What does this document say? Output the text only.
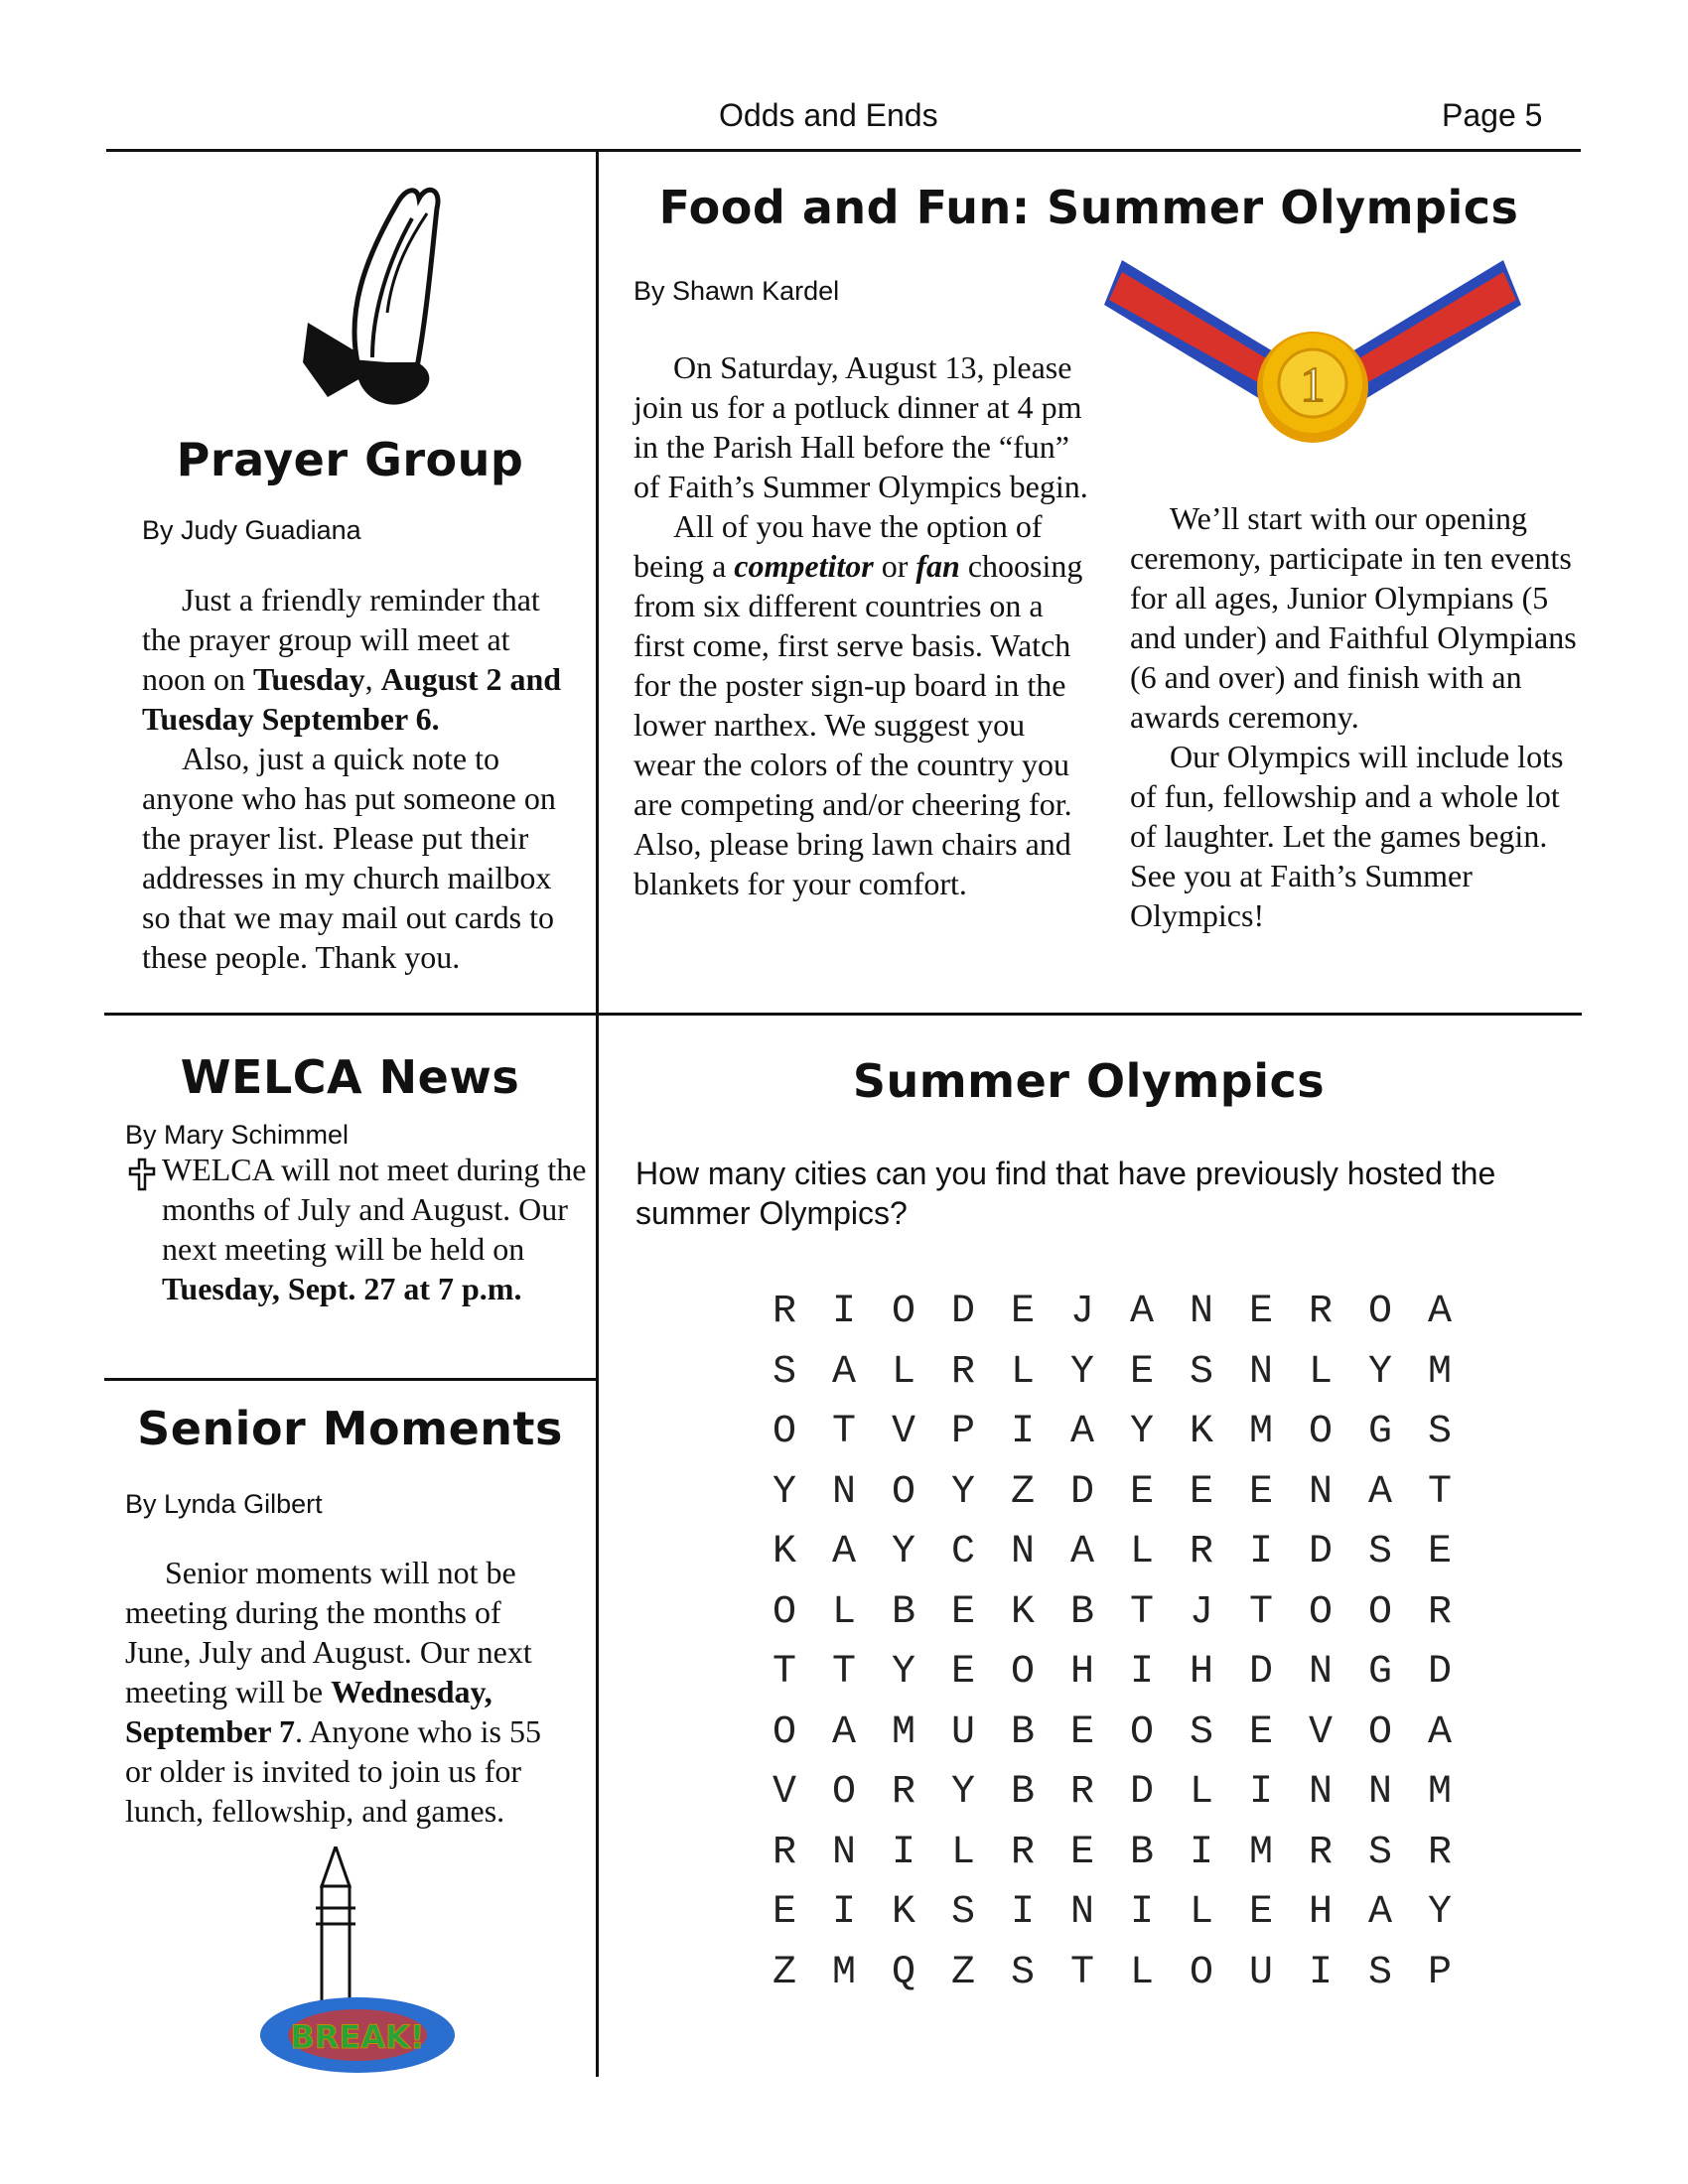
Odds and Ends	Page 5
Prayer Group
By Judy Guadiana

Just a friendly reminder that the prayer group will meet at noon on Tuesday, August 2 and Tuesday September 6.

Also, just a quick note to anyone who has put someone on the prayer list. Please put their addresses in my church mailbox so that we may mail out cards to these people. Thank you.

Food and Fun: Summer Olympics
By Shawn Kardel

On Saturday, August 13, please join us for a potluck dinner at 4 pm in the Parish Hall before the “fun” of Faith’s Summer Olympics begin.

All of you have the option of being a competitor or fan choosing from six different countries on a first come, first serve basis. Watch for the poster sign-up board in the lower narthex. We suggest you wear the colors of the country you are competing and/or cheering for. Also, please bring lawn chairs and blankets for your comfort.

1

We’ll start with our opening ceremony, participate in ten events for all ages, Junior Olympians (5 and under) and Faithful Olympians (6 and over) and finish with an awards ceremony.

Our Olympics will include lots of fun, fellowship and a whole lot of laughter. Let the games begin. See you at Faith’s Summer Olympics!

WELCA News
By Mary Schimmel
WELCA will not meet during the months of July and August. Our next meeting will be held on Tuesday, Sept. 27 at 7 p.m.
Senior Moments
By Lynda Gilbert

Senior moments will not be meeting during the months of June, July and August. Our next meeting will be Wednesday, September 7. Anyone who is 55 or older is invited to join us for lunch, fellowship, and games.

BREAK!
Summer Olympics
How many cities can you find that have previously hosted the summer Olympics?
R I O D E J A N E R O A
S A L R L Y E S N L Y M
O T V P I A Y K M O G S
Y N O Y Z D E E E N A T
K A Y C N A L R I D S E
O L B E K B T J T O O R
T T Y E O H I H D N G D
O A M U B E O S E V O A
V O R Y B R D L I N N M
R N I L R E B I M R S R
E I K S I N I L E H A Y
Z M Q Z S T L O U I S P
